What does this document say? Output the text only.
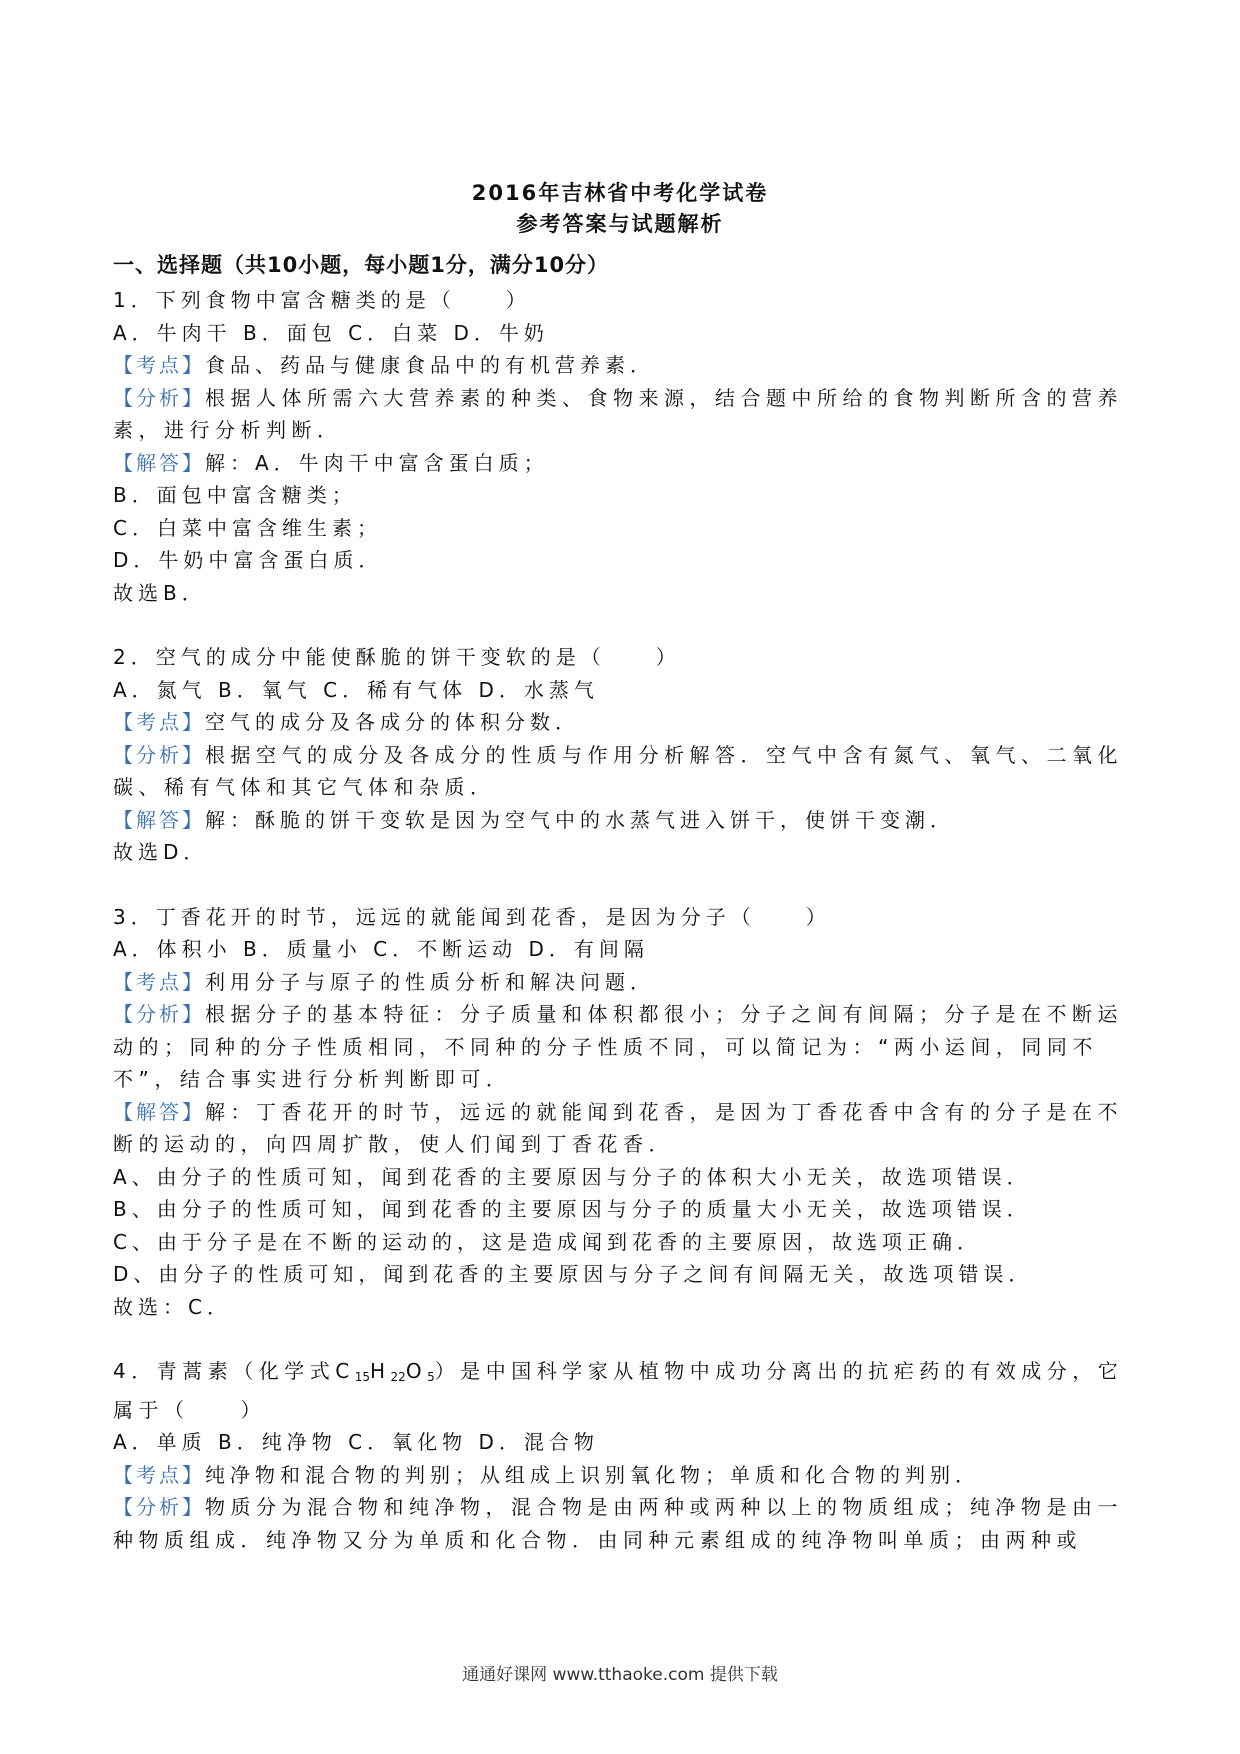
2016年吉林省中考化学试卷
参考答案与试题解析
一、选择题（共10小题，每小题1分，满分10分）
1．下列食物中富含糖类的是（　　）
A．牛肉干 B．面包 C．白菜 D．牛奶
【考点】食品、药品与健康食品中的有机营养素．
【分析】根据人体所需六大营养素的种类、食物来源，结合题中所给的食物判断所含的营养素，进行分析判断．
【解答】解：A．牛肉干中富含蛋白质；
B．面包中富含糖类；
C．白菜中富含维生素；
D．牛奶中富含蛋白质．
故选B．
2．空气的成分中能使酥脆的饼干变软的是（　　）
A．氮气 B．氧气 C．稀有气体 D．水蒸气
【考点】空气的成分及各成分的体积分数．
【分析】根据空气的成分及各成分的性质与作用分析解答．空气中含有氮气、氧气、二氧化碳、稀有气体和其它气体和杂质．
【解答】解：酥脆的饼干变软是因为空气中的水蒸气进入饼干，使饼干变潮．
故选D．
3．丁香花开的时节，远远的就能闻到花香，是因为分子（　　）
A．体积小 B．质量小 C．不断运动 D．有间隔
【考点】利用分子与原子的性质分析和解决问题．
【分析】根据分子的基本特征：分子质量和体积都很小；分子之间有间隔；分子是在不断运动的；同种的分子性质相同，不同种的分子性质不同，可以简记为：“两小运间，同同不不”，结合事实进行分析判断即可．
【解答】解：丁香花开的时节，远远的就能闻到花香，是因为丁香花香中含有的分子是在不断的运动的，向四周扩散，使人们闻到丁香花香．
A、由分子的性质可知，闻到花香的主要原因与分子的体积大小无关，故选项错误．
B、由分子的性质可知，闻到花香的主要原因与分子的质量大小无关，故选项错误．
C、由于分子是在不断的运动的，这是造成闻到花香的主要原因，故选项正确．
D、由分子的性质可知，闻到花香的主要原因与分子之间有间隔无关，故选项错误．
故选：C．
4．青蒿素（化学式$C_{15}H_{22}O_5$）是中国科学家从植物中成功分离出的抗疟药的有效成分，它属于（　　）
A．单质 B．纯净物 C．氧化物 D．混合物
【考点】纯净物和混合物的判别；从组成上识别氧化物；单质和化合物的判别．
【分析】物质分为混合物和纯净物，混合物是由两种或两种以上的物质组成；纯净物是由一种物质组成．纯净物又分为单质和化合物．由同种元素组成的纯净物叫单质；由两种或
通通好课网 www.tthaoke.com 提供下载
